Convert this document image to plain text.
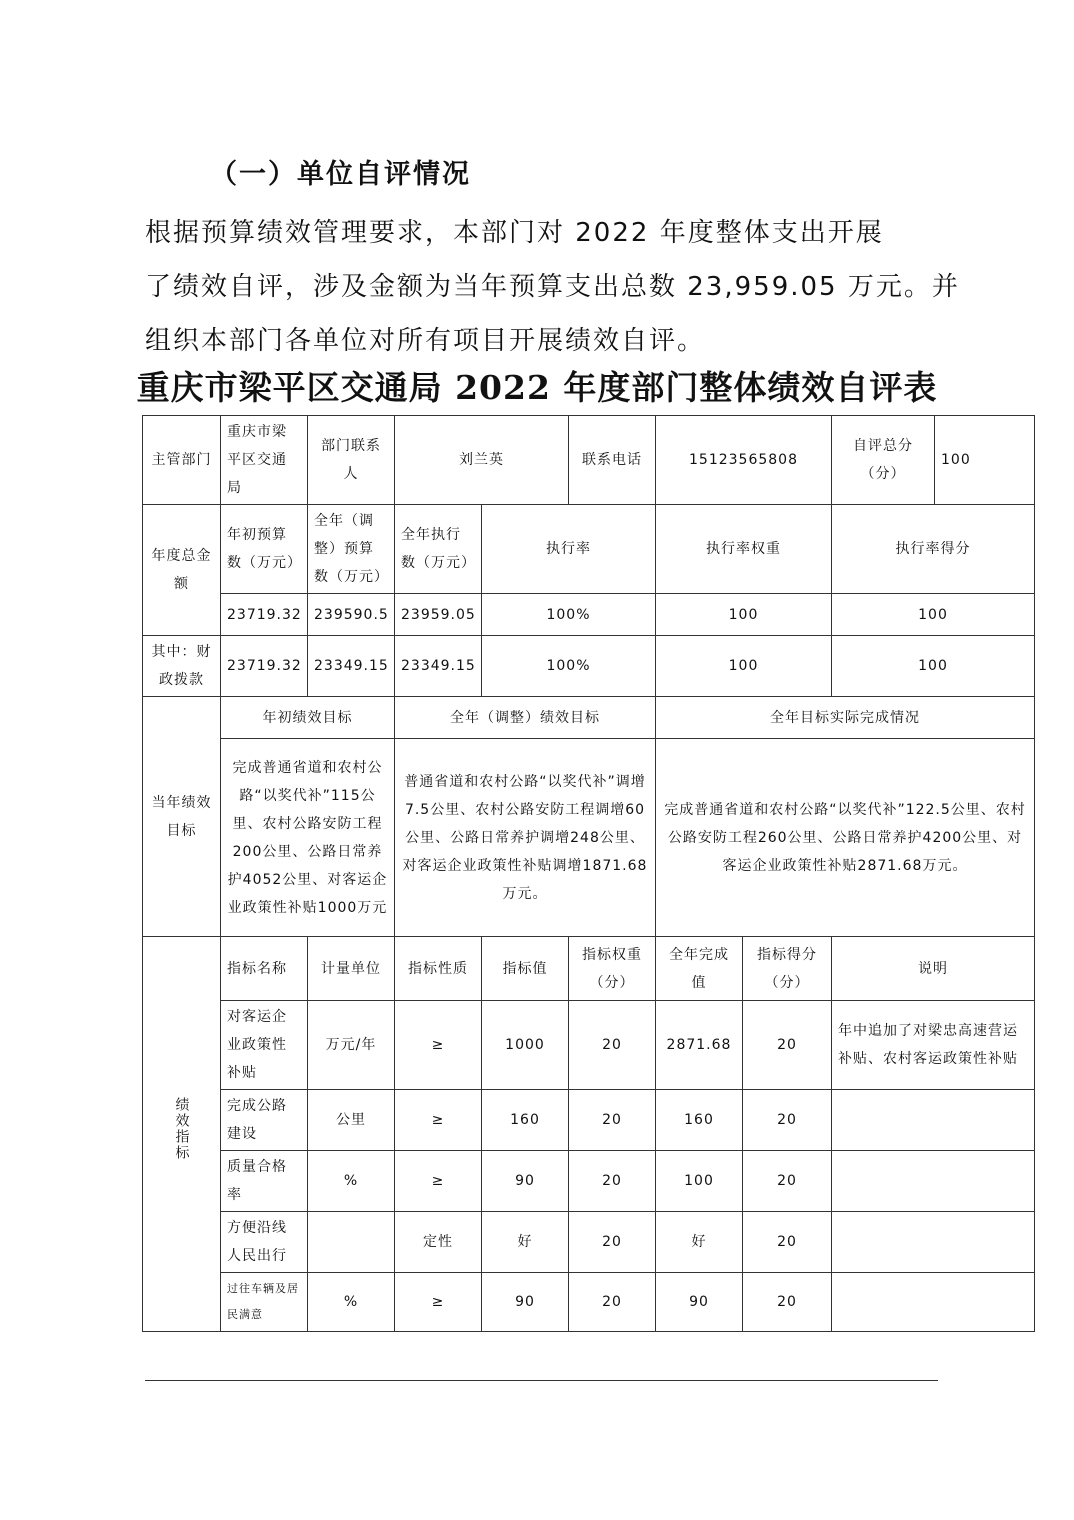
（一）单位自评情况
根据预算绩效管理要求，本部门对 2022 年度整体支出开展
了绩效自评，涉及金额为当年预算支出总数 23,959.05 万元。并
组织本部门各单位对所有项目开展绩效自评。
重庆市梁平区交通局 2022 年度部门整体绩效自评表
主管部门	重庆市梁平区交通局	部门联系人	刘兰英		联系电话	15123565808		自评总分（分）	100
年度总金额	年初预算数（万元）	全年（调整）预算数（万元）	全年执行数（万元）	执行率		执行率权重		执行率得分	
	23719.32	239590.5	23959.05	100%		100		100	
其中：财政拨款	23719.32	23349.15	23349.15	100%		100		100	
当年绩效目标	年初绩效目标		全年（调整）绩效目标			全年目标实际完成情况			
	完成普通省道和农村公路“以奖代补”115公里、农村公路安防工程200公里、公路日常养护4052公里、对客运企业政策性补贴1000万元		普通省道和农村公路“以奖代补”调增7.5公里、农村公路安防工程调增60公里、公路日常养护调增248公里、对客运企业政策性补贴调增1871.68万元。			完成普通省道和农村公路“以奖代补”122.5公里、农村公路安防工程260公里、公路日常养护4200公里、对客运企业政策性补贴2871.68万元。			
绩效指标	指标名称	计量单位	指标性质	指标值	指标权重（分）	全年完成值	指标得分（分）	说明	
	对客运企业政策性补贴	万元/年	≥	1000	20	2871.68	20	年中追加了对梁忠高速营运补贴、农村客运政策性补贴	
	完成公路建设	公里	≥	160	20	160	20		
	质量合格率	%	≥	90	20	100	20		
	方便沿线人民出行		定性	好	20	好	20		
	过往车辆及居民满意	%	≥	90	20	90	20		
